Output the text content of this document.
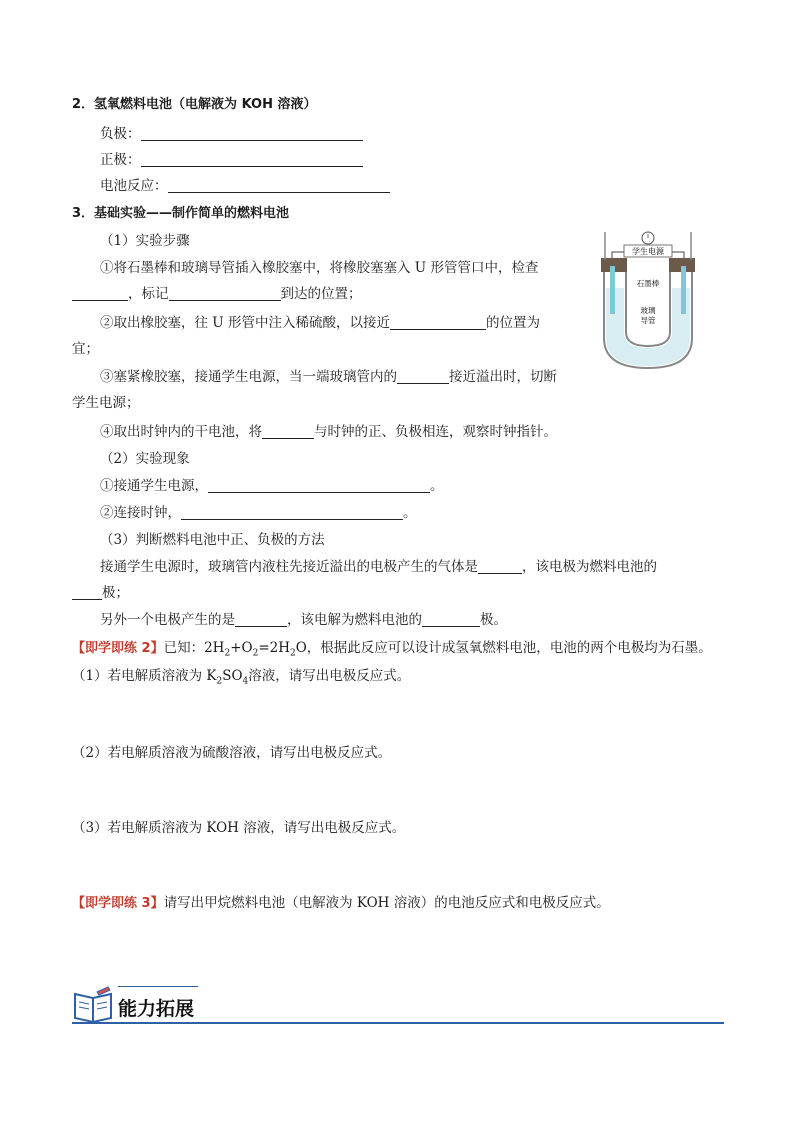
2．氢氧燃料电池（电解液为 KOH 溶液）
负极：
正极：
电池反应：
3．基础实验——制作简单的燃料电池
（1）实验步骤
①将石墨棒和玻璃导管插入橡胶塞中，将橡胶塞塞入 U 形管管口中，检查
，标记	到达的位置；
②取出橡胶塞，往 U 形管中注入稀硫酸，以接近	的位置为
宜；
③塞紧橡胶塞，接通学生电源，当一端玻璃管内的	接近溢出时，切断
学生电源；
④取出时钟内的干电池，将	与时钟的正、负极相连，观察时钟指针。
（2）实验现象
①接通学生电源，	。
②连接时钟，	。
（3）判断燃料电池中正、负极的方法
接通学生电源时，玻璃管内液柱先接近溢出的电极产生的气体是	，该电极为燃料电池的
极；
另外一个电极产生的是	，该电解为燃料电池的	极。
学生电源
石墨棒
玻璃
导管
【即学即练 2】已知：$2H_2+O_2=2H_2O$，根据此反应可以设计成氢氧燃料电池，电池的两个电极均为石墨。
（1）若电解质溶液为 $K_2SO_4$溶液，请写出电极反应式。
（2）若电解质溶液为硫酸溶液，请写出电极反应式。
（3）若电解质溶液为 KOH 溶液，请写出电极反应式。
【即学即练 3】请写出甲烷燃料电池（电解液为 KOH 溶液）的电池反应式和电极反应式。
能力拓展
